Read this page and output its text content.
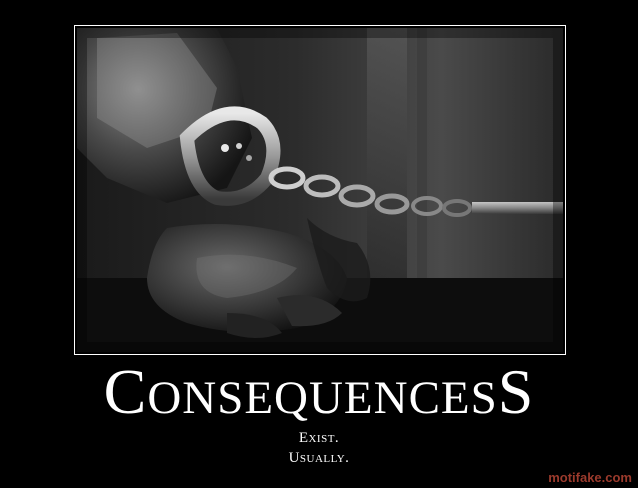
CONSEQUENCESS
Exist.
Usually.
motifake.com
